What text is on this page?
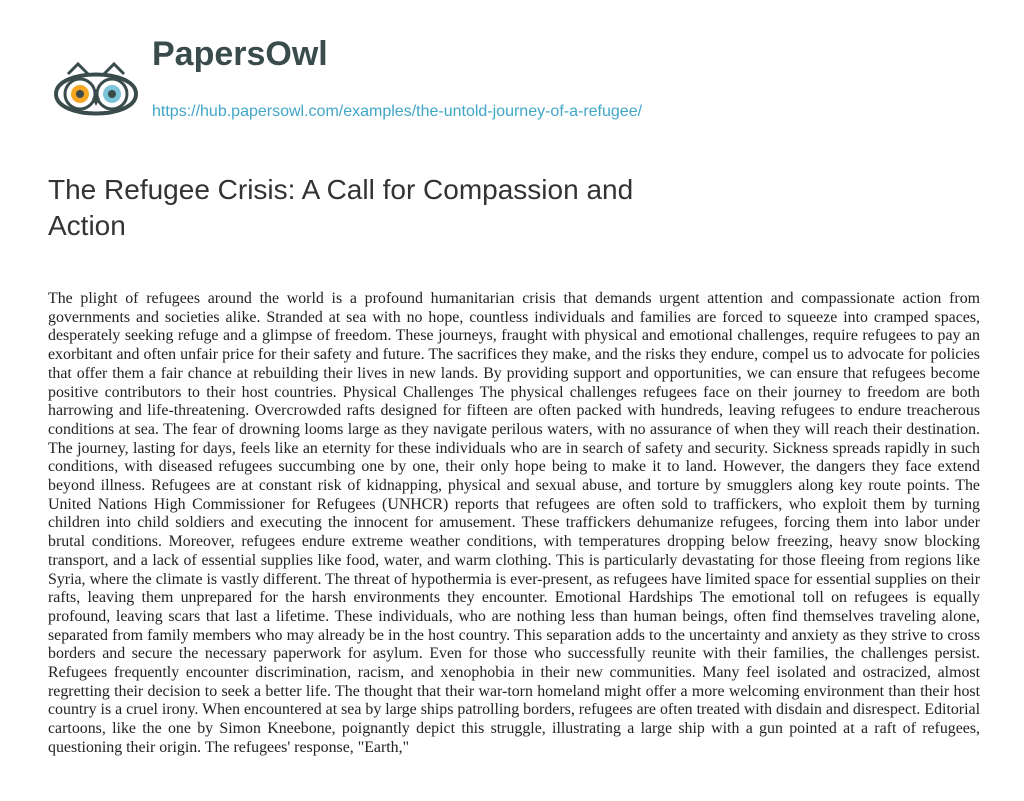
PapersOwl
https://hub.papersowl.com/examples/the-untold-journey-of-a-refugee/
The Refugee Crisis: A Call for Compassion and Action

The plight of refugees around the world is a profound humanitarian crisis that demands urgent attention and compassionate action from governments and societies alike. Stranded at sea with no hope, countless individuals and families are forced to squeeze into cramped spaces, desperately seeking refuge and a glimpse of freedom. These journeys, fraught with physical and emotional challenges, require refugees to pay an exorbitant and often unfair price for their safety and future. The sacrifices they make, and the risks they endure, compel us to advocate for policies that offer them a fair chance at rebuilding their lives in new lands. By providing support and opportunities, we can ensure that refugees become positive contributors to their host countries. Physical Challenges The physical challenges refugees face on their journey to freedom are both harrowing and life-threatening. Overcrowded rafts designed for fifteen are often packed with hundreds, leaving refugees to endure treacherous conditions at sea. The fear of drowning looms large as they navigate perilous waters, with no assurance of when they will reach their destination. The journey, lasting for days, feels like an eternity for these individuals who are in search of safety and security. Sickness spreads rapidly in such conditions, with diseased refugees succumbing one by one, their only hope being to make it to land. However, the dangers they face extend beyond illness. Refugees are at constant risk of kidnapping, physical and sexual abuse, and torture by smugglers along key route points. The United Nations High Commissioner for Refugees (UNHCR) reports that refugees are often sold to traffickers, who exploit them by turning children into child soldiers and executing the innocent for amusement. These traffickers dehumanize refugees, forcing them into labor under brutal conditions. Moreover, refugees endure extreme weather conditions, with temperatures dropping below freezing, heavy snow blocking transport, and a lack of essential supplies like food, water, and warm clothing. This is particularly devastating for those fleeing from regions like Syria, where the climate is vastly different. The threat of hypothermia is ever-present, as refugees have limited space for essential supplies on their rafts, leaving them unprepared for the harsh environments they encounter. Emotional Hardships The emotional toll on refugees is equally profound, leaving scars that last a lifetime. These individuals, who are nothing less than human beings, often find themselves traveling alone, separated from family members who may already be in the host country. This separation adds to the uncertainty and anxiety as they strive to cross borders and secure the necessary paperwork for asylum. Even for those who successfully reunite with their families, the challenges persist. Refugees frequently encounter discrimination, racism, and xenophobia in their new communities. Many feel isolated and ostracized, almost regretting their decision to seek a better life. The thought that their war-torn homeland might offer a more welcoming environment than their host country is a cruel irony. When encountered at sea by large ships patrolling borders, refugees are often treated with disdain and disrespect. Editorial cartoons, like the one by Simon Kneebone, poignantly depict this struggle, illustrating a large ship with a gun pointed at a raft of refugees, questioning their origin. The refugees' response, "Earth,"
